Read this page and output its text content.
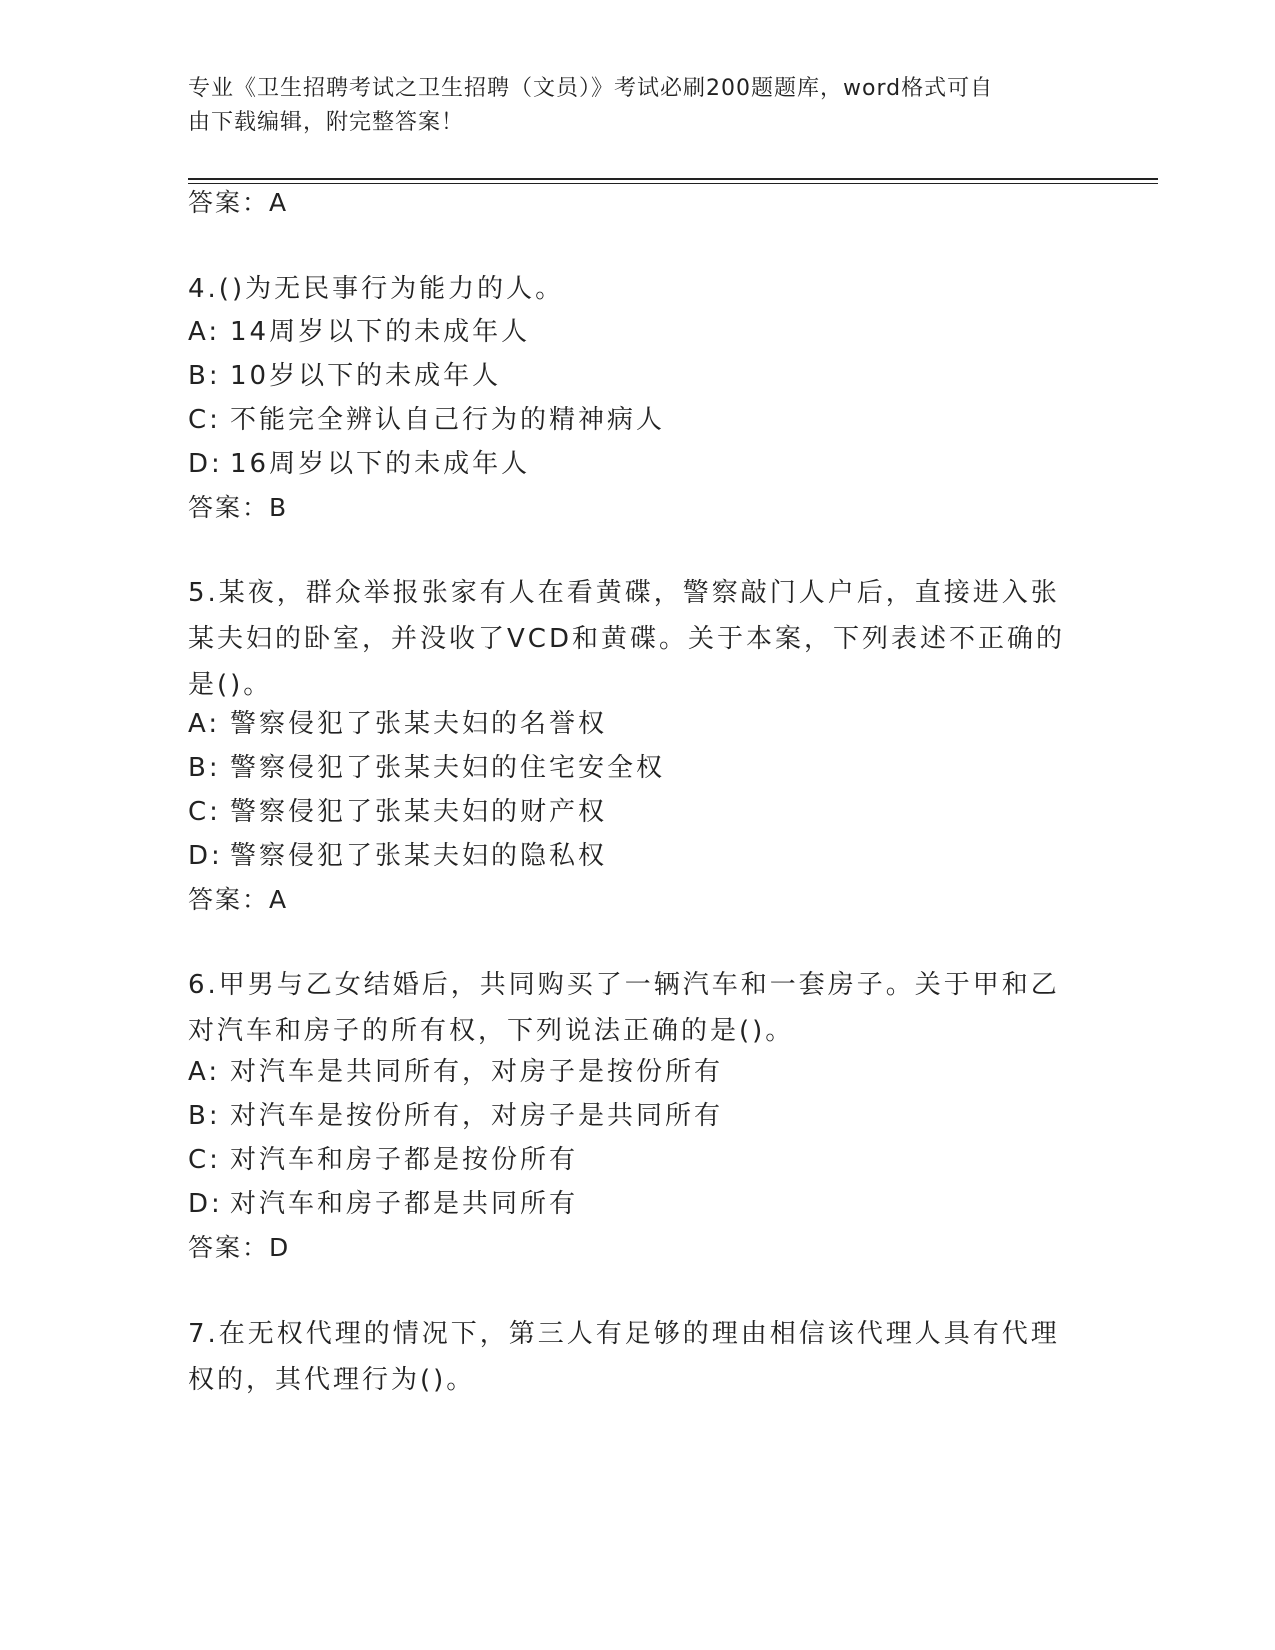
专业《卫生招聘考试之卫生招聘（文员）》考试必刷200题题库，word格式可自
由下载编辑，附完整答案！
答案：A
4.()为无民事行为能力的人。
A: 14周岁以下的未成年人
B: 10岁以下的未成年人
C: 不能完全辨认自己行为的精神病人
D: 16周岁以下的未成年人
答案：B
5.某夜，群众举报张家有人在看黄碟，警察敲门人户后，直接进入张某夫妇的卧室，并没收了VCD和黄碟。关于本案，下列表述不正确的是()。
A: 警察侵犯了张某夫妇的名誉权
B: 警察侵犯了张某夫妇的住宅安全权
C: 警察侵犯了张某夫妇的财产权
D: 警察侵犯了张某夫妇的隐私权
答案：A
6.甲男与乙女结婚后，共同购买了一辆汽车和一套房子。关于甲和乙对汽车和房子的所有权，下列说法正确的是()。
A: 对汽车是共同所有，对房子是按份所有
B: 对汽车是按份所有，对房子是共同所有
C: 对汽车和房子都是按份所有
D: 对汽车和房子都是共同所有
答案：D
7.在无权代理的情况下，第三人有足够的理由相信该代理人具有代理权的，其代理行为()。
